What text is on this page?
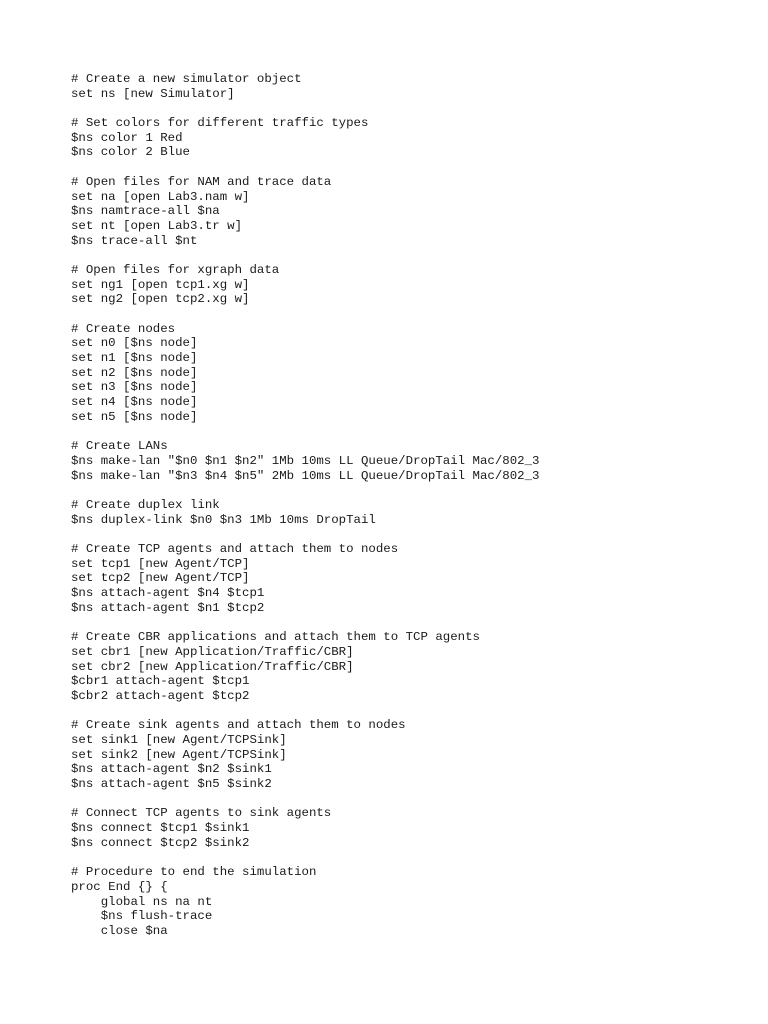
# Create a new simulator object
set ns [new Simulator]
# Set colors for different traffic types
$ns color 1 Red
$ns color 2 Blue
# Open files for NAM and trace data
set na [open Lab3.nam w]
$ns namtrace-all $na
set nt [open Lab3.tr w]
$ns trace-all $nt
# Open files for xgraph data
set ng1 [open tcp1.xg w]
set ng2 [open tcp2.xg w]
# Create nodes
set n0 [$ns node]
set n1 [$ns node]
set n2 [$ns node]
set n3 [$ns node]
set n4 [$ns node]
set n5 [$ns node]
# Create LANs
$ns make-lan "$n0 $n1 $n2" 1Mb 10ms LL Queue/DropTail Mac/802_3
$ns make-lan "$n3 $n4 $n5" 2Mb 10ms LL Queue/DropTail Mac/802_3
# Create duplex link
$ns duplex-link $n0 $n3 1Mb 10ms DropTail
# Create TCP agents and attach them to nodes
set tcp1 [new Agent/TCP]
set tcp2 [new Agent/TCP]
$ns attach-agent $n4 $tcp1
$ns attach-agent $n1 $tcp2
# Create CBR applications and attach them to TCP agents
set cbr1 [new Application/Traffic/CBR]
set cbr2 [new Application/Traffic/CBR]
$cbr1 attach-agent $tcp1
$cbr2 attach-agent $tcp2
# Create sink agents and attach them to nodes
set sink1 [new Agent/TCPSink]
set sink2 [new Agent/TCPSink]
$ns attach-agent $n2 $sink1
$ns attach-agent $n5 $sink2
# Connect TCP agents to sink agents
$ns connect $tcp1 $sink1
$ns connect $tcp2 $sink2
# Procedure to end the simulation
proc End {} {
global ns na nt
$ns flush-trace
close $na
